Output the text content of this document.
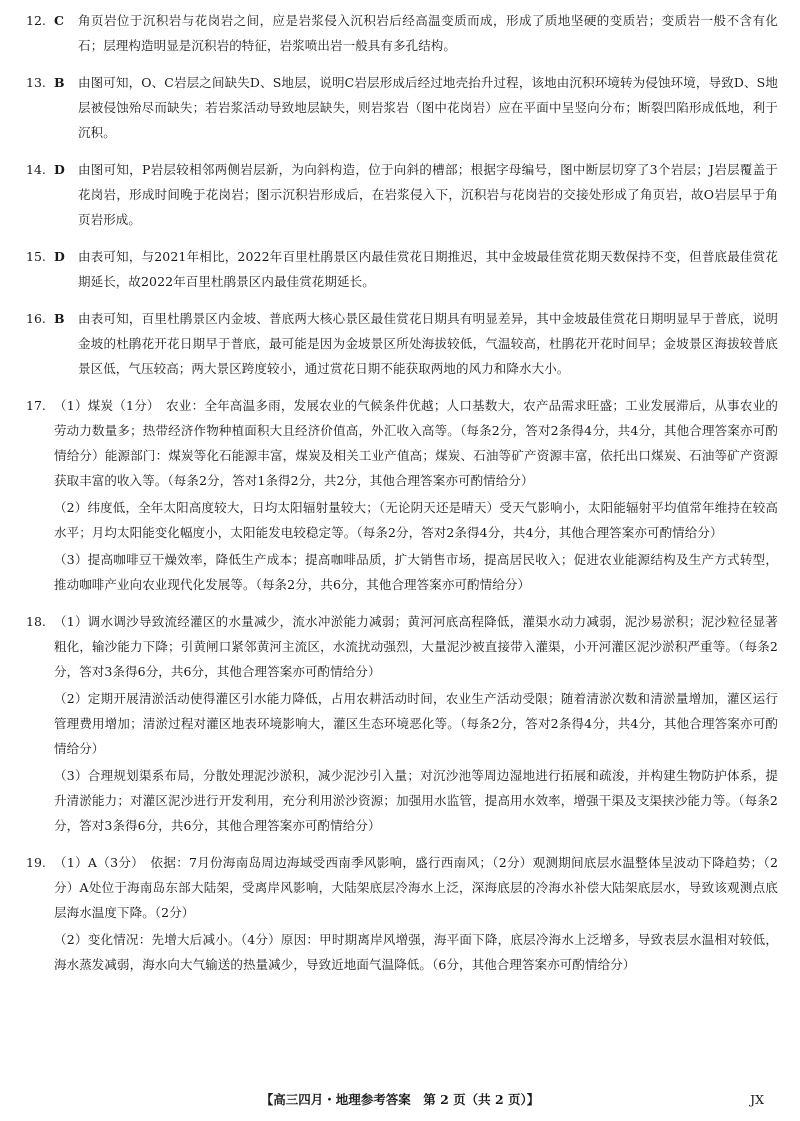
12. C	角页岩位于沉积岩与花岗岩之间，应是岩浆侵入沉积岩后经高温变质而成，形成了质地坚硬的变质岩；变质岩一般不含有化石；层理构造明显是沉积岩的特征，岩浆喷出岩一般具有多孔结构。

13. B	由图可知，O、C岩层之间缺失D、S地层，说明C岩层形成后经过地壳抬升过程，该地由沉积环境转为侵蚀环境，导致D、S地层被侵蚀殆尽而缺失；若岩浆活动导致地层缺失，则岩浆岩（图中花岗岩）应在平面中呈竖向分布；断裂凹陷形成低地，利于沉积。

14. D	由图可知，P岩层较相邻两侧岩层新，为向斜构造，位于向斜的槽部；根据字母编号，图中断层切穿了3个岩层；J岩层覆盖于花岗岩，形成时间晚于花岗岩；图示沉积岩形成后，在岩浆侵入下，沉积岩与花岗岩的交接处形成了角页岩，故O岩层早于角页岩形成。

15. D	由表可知，与2021年相比，2022年百里杜鹃景区内最佳赏花日期推迟，其中金坡最佳赏花期天数保持不变，但普底最佳赏花期延长，故2022年百里杜鹃景区内最佳赏花期延长。

16. B	由表可知，百里杜鹃景区内金坡、普底两大核心景区最佳赏花日期具有明显差异，其中金坡最佳赏花日期明显早于普底，说明金坡的杜鹃花开花日期早于普底，最可能是因为金坡景区所处海拔较低，气温较高，杜鹃花开花时间早；金坡景区海拔较普底景区低，气压较高；两大景区跨度较小，通过赏花日期不能获取两地的风力和降水大小。

17. （1）煤炭（1分）　农业：全年高温多雨，发展农业的气候条件优越；人口基数大，农产品需求旺盛；工业发展滞后，从事农业的劳动力数量多；热带经济作物种植面积大且经济价值高，外汇收入高等。（每条2分，答对2条得4分，共4分，其他合理答案亦可酌情给分）能源部门：煤炭等化石能源丰富，煤炭及相关工业产值高；煤炭、石油等矿产资源丰富，依托出口煤炭、石油等矿产资源获取丰富的收入等。（每条2分，答对1条得2分，共2分，其他合理答案亦可酌情给分）

（2）纬度低，全年太阳高度较大，日均太阳辐射量较大；（无论阴天还是晴天）受天气影响小，太阳能辐射平均值常年维持在较高水平；月均太阳能变化幅度小，太阳能发电较稳定等。（每条2分，答对2条得4分，共4分，其他合理答案亦可酌情给分）

（3）提高咖啡豆干燥效率，降低生产成本；提高咖啡品质，扩大销售市场，提高居民收入；促进农业能源结构及生产方式转型，推动咖啡产业向农业现代化发展等。（每条2分，共6分，其他合理答案亦可酌情给分）

18. （1）调水调沙导致流经灌区的水量减少，流水冲淤能力减弱；黄河河底高程降低，灌渠水动力减弱，泥沙易淤积；泥沙粒径显著粗化，输沙能力下降；引黄闸口紧邻黄河主流区，水流扰动强烈，大量泥沙被直接带入灌渠，小开河灌区泥沙淤积严重等。（每条2分，答对3条得6分，共6分，其他合理答案亦可酌情给分）

（2）定期开展清淤活动使得灌区引水能力降低，占用农耕活动时间，农业生产活动受限；随着清淤次数和清淤量增加，灌区运行管理费用增加；清淤过程对灌区地表环境影响大，灌区生态环境恶化等。（每条2分，答对2条得4分，共4分，其他合理答案亦可酌情给分）

（3）合理规划渠系布局，分散处理泥沙淤积，减少泥沙引入量；对沉沙池等周边湿地进行拓展和疏浚，并构建生物防护体系，提升清淤能力；对灌区泥沙进行开发利用，充分利用淤沙资源；加强用水监管，提高用水效率，增强干渠及支渠挟沙能力等。（每条2分，答对3条得6分，共6分，其他合理答案亦可酌情给分）

19. （1）A（3分）　依据：7月份海南岛周边海域受西南季风影响，盛行西南风；（2分）观测期间底层水温整体呈波动下降趋势；（2分）A处位于海南岛东部大陆架，受离岸风影响，大陆架底层冷海水上泛，深海底层的冷海水补偿大陆架底层水，导致该观测点底层海水温度下降。（2分）

（2）变化情况：先增大后减小。（4分）原因：甲时期离岸风增强，海平面下降，底层冷海水上泛增多，导致表层水温相对较低，海水蒸发减弱，海水向大气输送的热量减少，导致近地面气温降低。（6分，其他合理答案亦可酌情给分）

【高三四月・地理参考答案　第 2 页（共 2 页）】	JX
